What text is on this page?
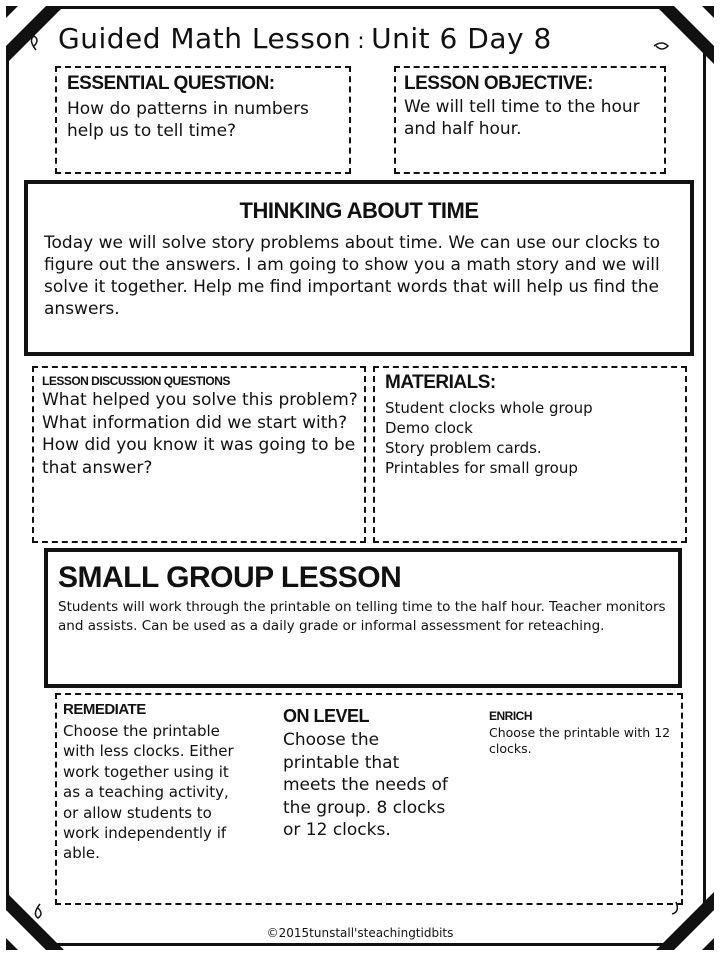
Guided Math Lesson : Unit 6 Day 8
ESSENTIAL QUESTION:
How do patterns in numbers help us to tell time?
LESSON OBJECTIVE:
We will tell time to the hour and half hour.
THINKING ABOUT TIME
Today we will solve story problems about time. We can use our clocks to figure out the answers. I am going to show you a math story and we will solve it together. Help me find important words that will help us find the answers.
LESSON DISCUSSION QUESTIONS
What helped you solve this problem? What information did we start with? How did you know it was going to be that answer?
MATERIALS:
Student clocks whole group
Demo clock
Story problem cards.
Printables for small group
SMALL GROUP LESSON
Students will work through the printable on telling time to the half hour. Teacher monitors and assists. Can be used as a daily grade or informal assessment for reteaching.
REMEDIATE
Choose the printable with less clocks. Either work together using it as a teaching activity, or allow students to work independently if able.
ON LEVEL
Choose the printable that meets the needs of the group. 8 clocks or 12 clocks.
ENRICH
Choose the printable with 12 clocks.
©2015tunstall'steachingtidbits
